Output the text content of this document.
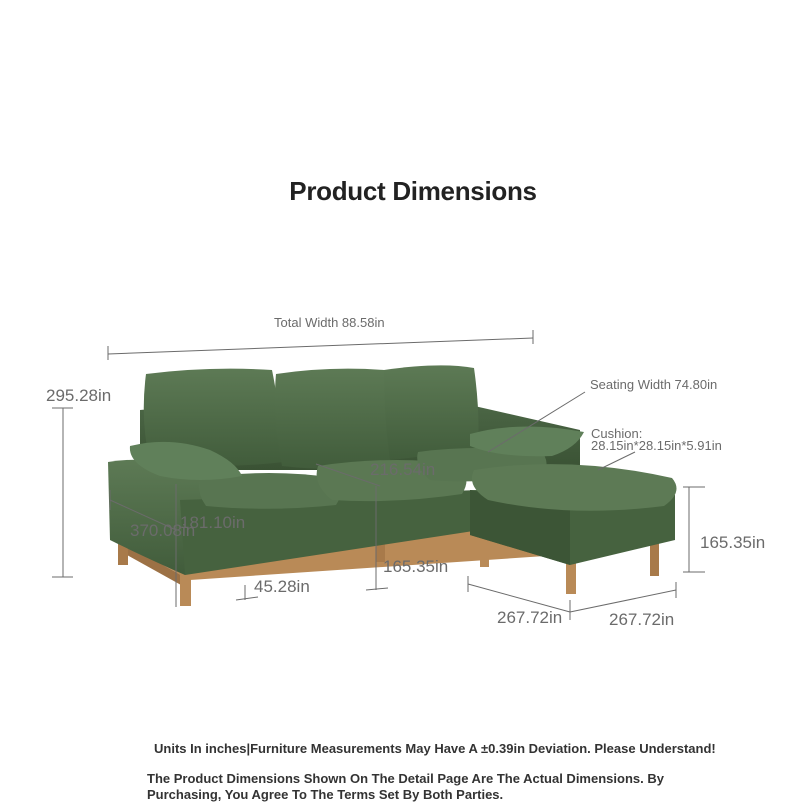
Product Dimensions
Total Width 88.58in
Seating Width 74.80in
Cushion:
28.15in*28.15in*5.91in
295.28in
370.08in
181.10in
216.54in
45.28in
165.35in
165.35in
267.72in	267.72in
Units In inches|Furniture Measurements May Have A ±0.39in Deviation. Please Understand!
The Product Dimensions Shown On The Detail Page Are The Actual Dimensions. By Purchasing, You Agree To The Terms Set By Both Parties.
